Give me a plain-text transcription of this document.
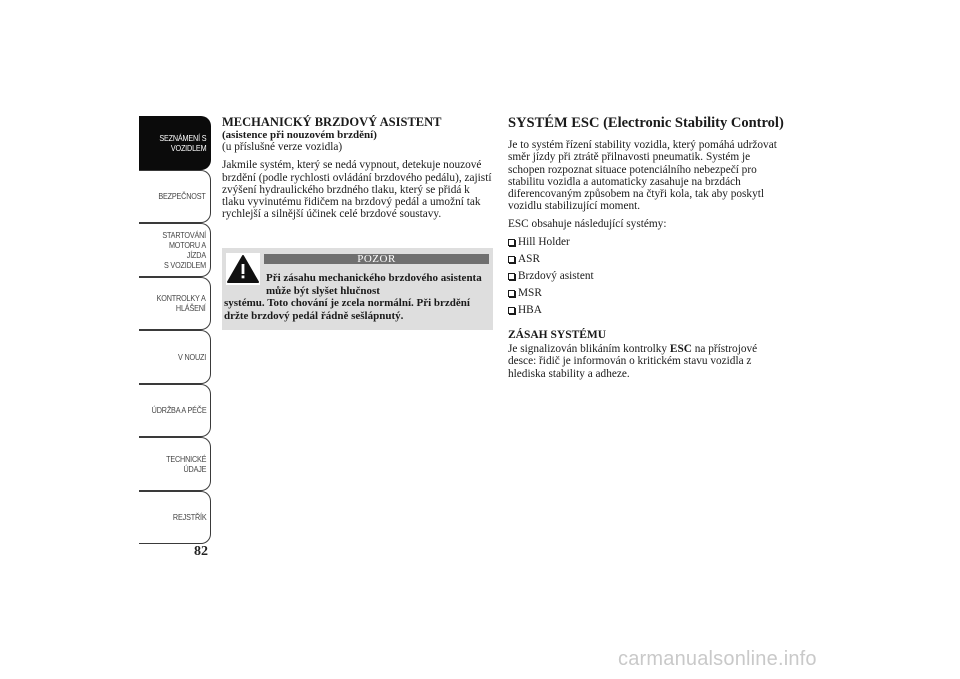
SEZNÁMENÍ S
VOZIDLEM
BEZPEČNOST
STARTOVÁNÍ
MOTORU A JÍZDA
S VOZIDLEM
KONTROLKY A
HLÁŠENÍ
V NOUZI
ÚDRŽBA A PÉČE
TECHNICKÉ
ÚDAJE
REJSTŘÍK
82

MECHANICKÝ BRZDOVÝ ASISTENT

(asistence při nouzovém brzdění)

(u příslušné verze vozidla)

Jakmile systém, který se nedá vypnout, detekuje nouzové brzdění (podle rychlosti ovládání brzdového pedálu), zajistí zvýšení hydraulického brzdného tlaku, který se přidá k tlaku vyvinutému řidičem na brzdový pedál a umožní tak rychlejší a silnější účinek celé brzdové soustavy.

POZOR
Při zásahu mechanického brzdového asistenta může být slyšet hlučnost
systému. Toto chování je zcela normální. Při brzdění držte brzdový pedál řádně sešlápnutý.

SYSTÉM ESC (Electronic Stability Control)

Je to systém řízení stability vozidla, který pomáhá udržovat směr jízdy při ztrátě přilnavosti pneumatik. Systém je schopen rozpoznat situace potenciálního nebezpečí pro stabilitu vozidla a automaticky zasahuje na brzdách diferencovaným způsobem na čtyři kola, tak aby poskytl vozidlu stabilizující moment.

ESC obsahuje následující systémy:

Hill Holder
ASR
Brzdový asistent
MSR
HBA

ZÁSAH SYSTÉMU

Je signalizován blikáním kontrolky ESC na přístrojové desce: řidič je informován o kritickém stavu vozidla z hlediska stability a adheze.

carmanualsonline.info
